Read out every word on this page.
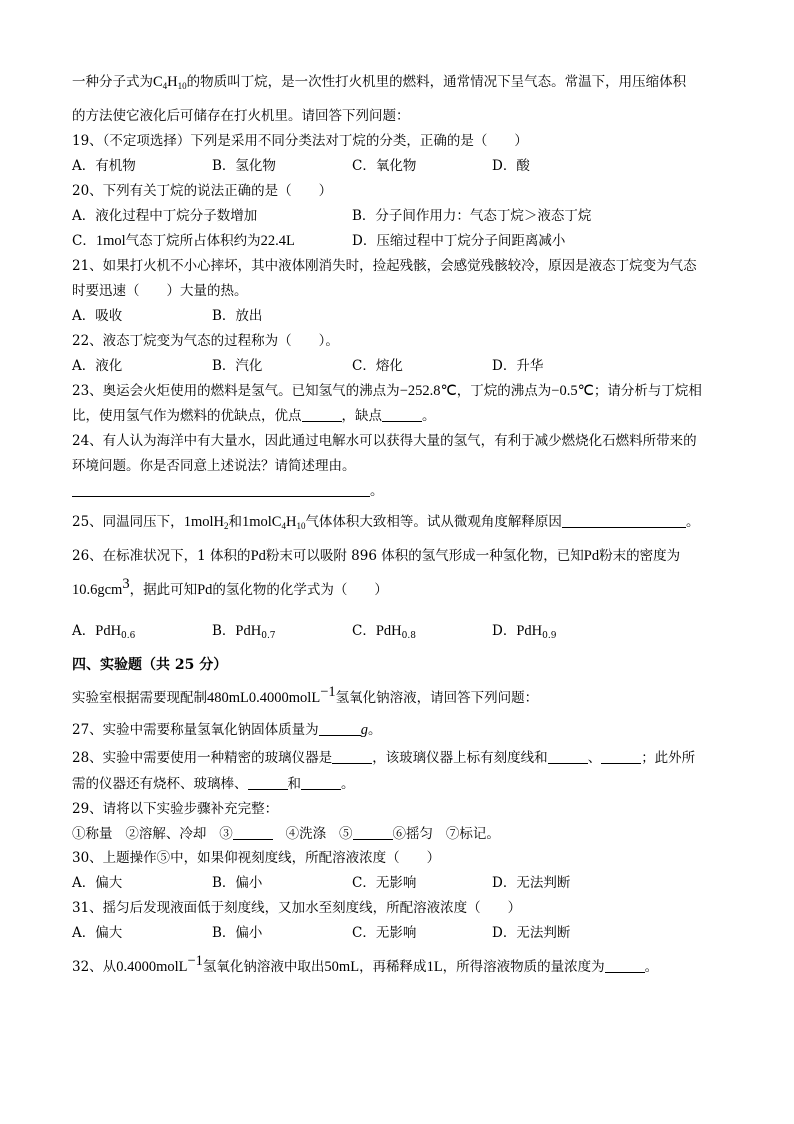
一种分子式为$C_4H_{10}$的物质叫丁烷，是一次性打火机里的燃料，通常情况下呈气态。常温下，用压缩体积
的方法使它液化后可储存在打火机里。请回答下列问题：
19、（不定项选择）下列是采用不同分类法对丁烷的分类，正确的是（　　）
A．有机物	B．氢化物	C．氧化物	D．酸
20、下列有关丁烷的说法正确的是（　　）
A．液化过程中丁烷分子数增加	B．分子间作用力：气态丁烷＞液态丁烷
C．1mol气态丁烷所占体积约为22.4L	D．压缩过程中丁烷分子间距离减小
21、如果打火机不小心摔坏，其中液体刚消失时，捡起残骸，会感觉残骸较冷，原因是液态丁烷变为气态
时要迅速（　　）大量的热。
A．吸收	B．放出
22、液态丁烷变为气态的过程称为（　　）。
A．液化	B．汽化	C．熔化	D．升华
23、奥运会火炬使用的燃料是氢气。已知氢气的沸点为−252.8℃，丁烷的沸点为−0.5℃；请分析与丁烷相
比，使用氢气作为燃料的优缺点，优点	，缺点	。
24、有人认为海洋中有大量水，因此通过电解水可以获得大量的氢气，有利于减少燃烧化石燃料所带来的
环境问题。你是否同意上述说法？请简述理由。
。
25、同温同压下，1molH$_2$和$1molC_4H_{10}$气体体积大致相等。试从微观角度解释原因	。
26、在标准状况下，1 体积的Pd粉末可以吸附 896 体积的氢气形成一种氢化物，已知Pd粉末的密度为
10.6gcm$^3$，据此可知Pd的氢化物的化学式为（　　）
A．PdH$_{0.6}$	B．PdH$_{0.7}$	C．PdH$_{0.8}$	D．PdH$_{0.9}$
四、实验题（共 25 分）
实验室根据需要现配制480mL0.4000molL$^{-1}$氢氧化钠溶液，请回答下列问题：
27、实验中需要称量氢氧化钠固体质量为	g。
28、实验中需要使用一种精密的玻璃仪器是	，该玻璃仪器上标有刻度线和	、	；此外所
需的仪器还有烧杯、玻璃棒、	和	。
29、请将以下实验步骤补充完整：
①称量 ②溶解、冷却 ③	④洗涤 ⑤	⑥摇匀 ⑦标记。
30、上题操作⑤中，如果仰视刻度线，所配溶液浓度（　　）
A．偏大	B．偏小	C．无影响	D．无法判断
31、摇匀后发现液面低于刻度线，又加水至刻度线，所配溶液浓度（　　）
A．偏大	B．偏小	C．无影响	D．无法判断
32、从0.4000molL$^{-1}$氢氧化钠溶液中取出50mL，再稀释成1L，所得溶液物质的量浓度为	。
